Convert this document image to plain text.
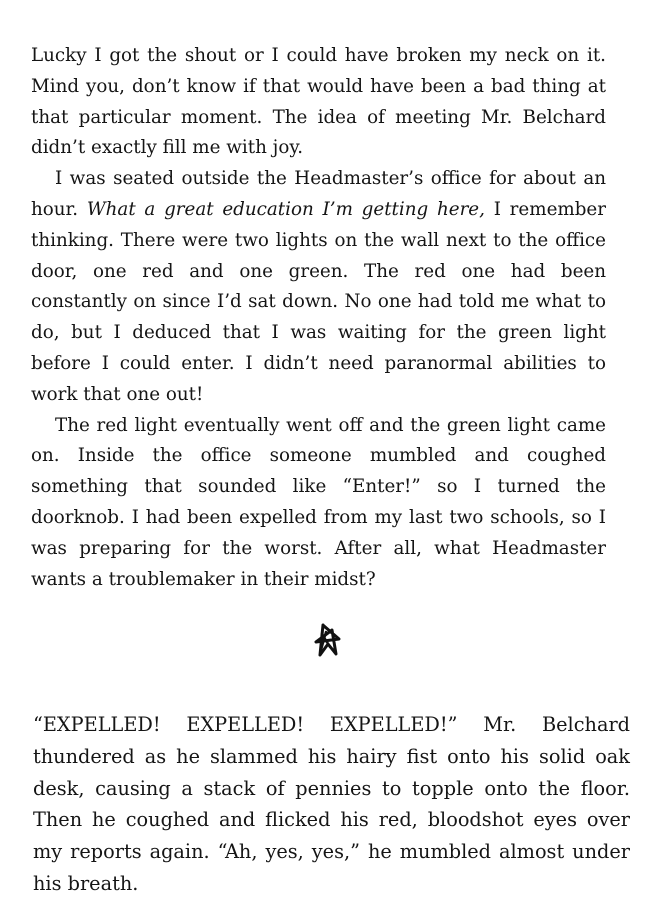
Lucky I got the shout or I could have broken my neck on it. Mind you, don’t know if that would have been a bad thing at that particular moment. The idea of meeting Mr. Belchard didn’t exactly fill me with joy.

I was seated outside the Headmaster’s office for about an hour. What a great education I’m getting here, I remember thinking. There were two lights on the wall next to the office door, one red and one green. The red one had been constantly on since I’d sat down. No one had told me what to do, but I deduced that I was waiting for the green light before I could enter. I didn’t need paranormal abilities to work that one out!

The red light eventually went off and the green light came on. Inside the office someone mumbled and coughed something that sounded like “Enter!” so I turned the doorknob. I had been expelled from my last two schools, so I was preparing for the worst. After all, what Headmaster wants a troublemaker in their midst?

“EXPELLED! EXPELLED! EXPELLED!” Mr. Belchard thundered as he slammed his hairy fist onto his solid oak desk, causing a stack of pennies to topple onto the floor. Then he coughed and flicked his red, bloodshot eyes over my reports again. “Ah, yes, yes,” he mumbled almost under his breath.
